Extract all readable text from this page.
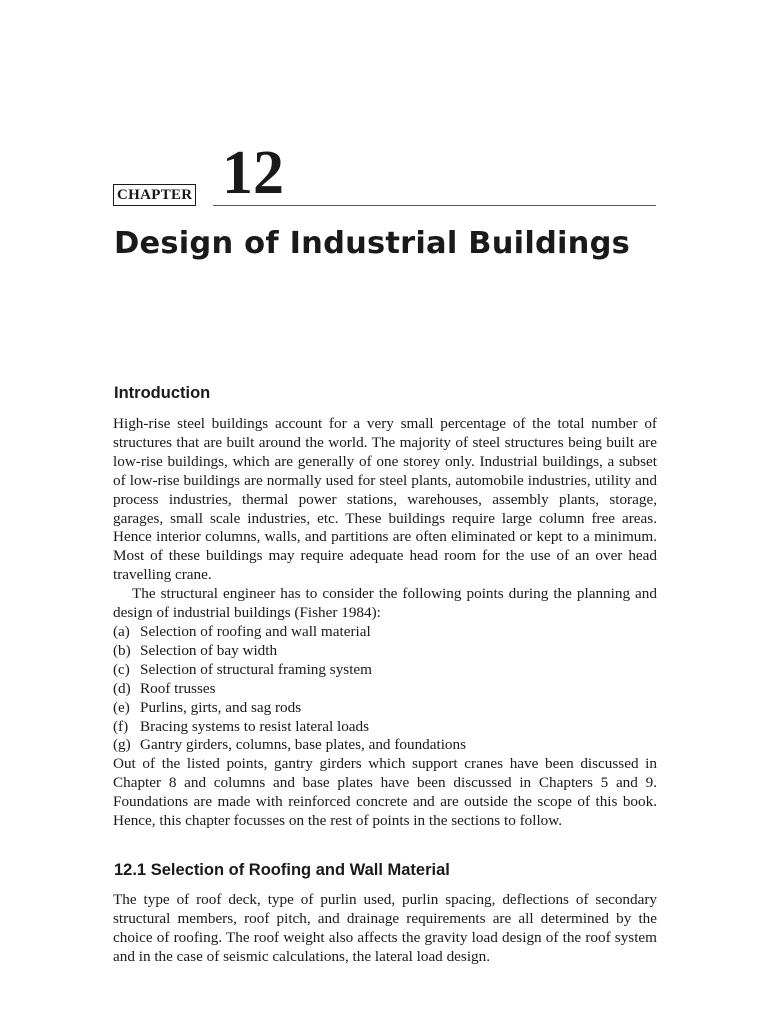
CHAPTER 12
Design of Industrial Buildings
Introduction

High-rise steel buildings account for a very small percentage of the total number of structures that are built around the world. The majority of steel structures being built are low-rise buildings, which are generally of one storey only. Industrial buildings, a subset of low-rise buildings are normally used for steel plants, automobile industries, utility and process industries, thermal power stations, warehouses, assembly plants, storage, garages, small scale industries, etc. These buildings require large column free areas. Hence interior columns, walls, and partitions are often eliminated or kept to a minimum. Most of these buildings may require adequate head room for the use of an over head travelling crane.

The structural engineer has to consider the following points during the planning and design of industrial buildings (Fisher 1984):

(a) Selection of roofing and wall material
(b) Selection of bay width
(c) Selection of structural framing system
(d) Roof trusses
(e) Purlins, girts, and sag rods
(f) Bracing systems to resist lateral loads
(g) Gantry girders, columns, base plates, and foundations

Out of the listed points, gantry girders which support cranes have been discussed in Chapter 8 and columns and base plates have been discussed in Chapters 5 and 9. Foundations are made with reinforced concrete and are outside the scope of this book. Hence, this chapter focusses on the rest of points in the sections to follow.

12.1 Selection of Roofing and Wall Material

The type of roof deck, type of purlin used, purlin spacing, deflections of secondary structural members, roof pitch, and drainage requirements are all determined by the choice of roofing. The roof weight also affects the gravity load design of the roof system and in the case of seismic calculations, the lateral load design.
